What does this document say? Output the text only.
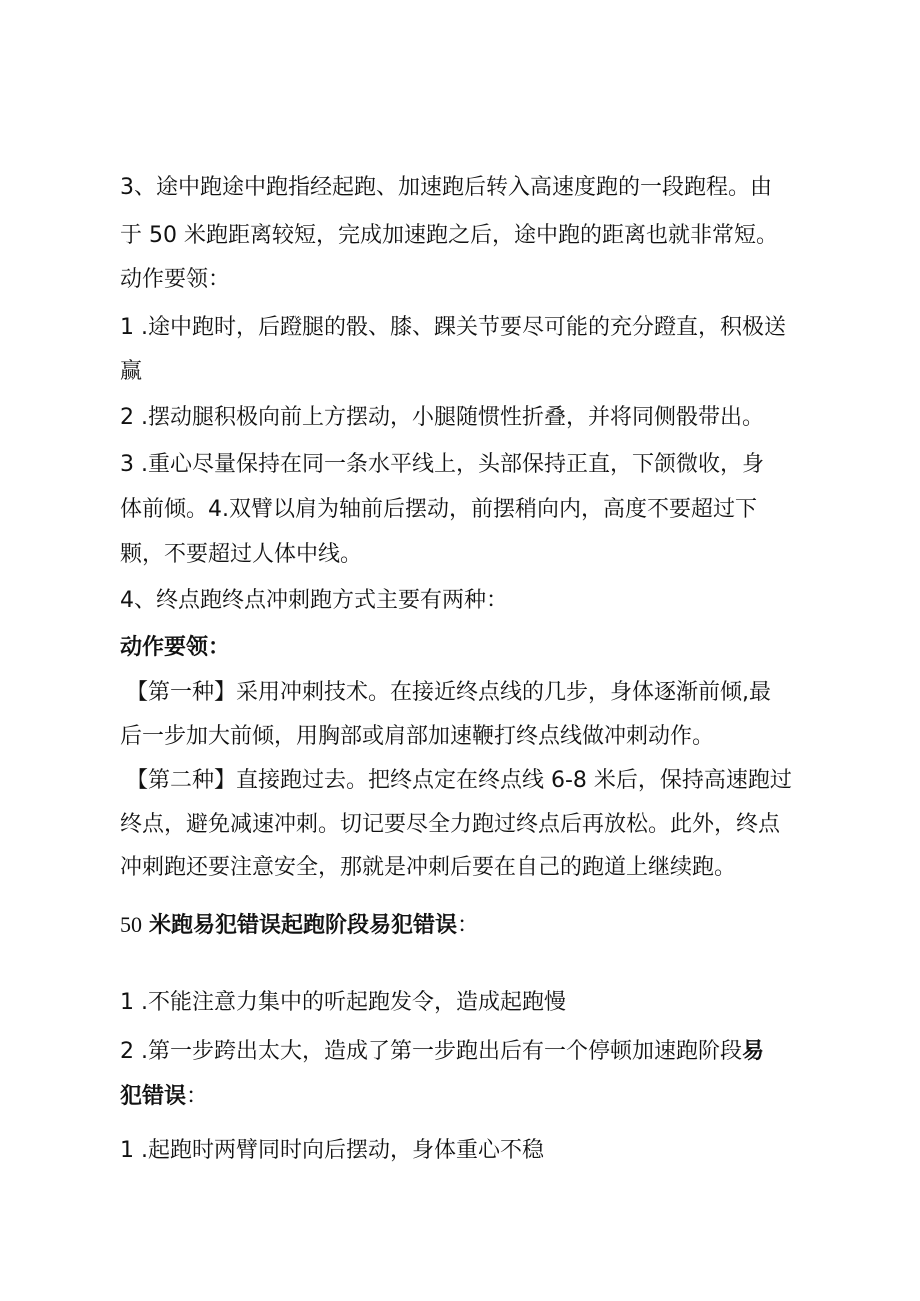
3、途中跑途中跑指经起跑、加速跑后转入高速度跑的一段跑程。由
于 50 米跑距离较短，完成加速跑之后，途中跑的距离也就非常短。
动作要领：
1 .途中跑时，后蹬腿的骰、膝、踝关节要尽可能的充分蹬直，积极送
赢
2 .摆动腿积极向前上方摆动，小腿随惯性折叠，并将同侧骰带出。
3 .重心尽量保持在同一条水平线上，头部保持正直，下颌微收，身
体前倾。4.双臂以肩为轴前后摆动，前摆稍向内，高度不要超过下
颗，不要超过人体中线。
4、终点跑终点冲刺跑方式主要有两种：
动作要领：
【第一种】采用冲刺技术。在接近终点线的几步，身体逐渐前倾,最
后一步加大前倾，用胸部或肩部加速鞭打终点线做冲刺动作。
【第二种】直接跑过去。把终点定在终点线 6-8 米后，保持高速跑过
终点，避免减速冲刺。切记要尽全力跑过终点后再放松。此外，终点
冲刺跑还要注意安全，那就是冲刺后要在自己的跑道上继续跑。
50 米跑易犯错误起跑阶段易犯错误：
1 .不能注意力集中的听起跑发令，造成起跑慢
2 .第一步跨出太大，造成了第一步跑出后有一个停顿加速跑阶段易
犯错误：
1 .起跑时两臂同时向后摆动，身体重心不稳
